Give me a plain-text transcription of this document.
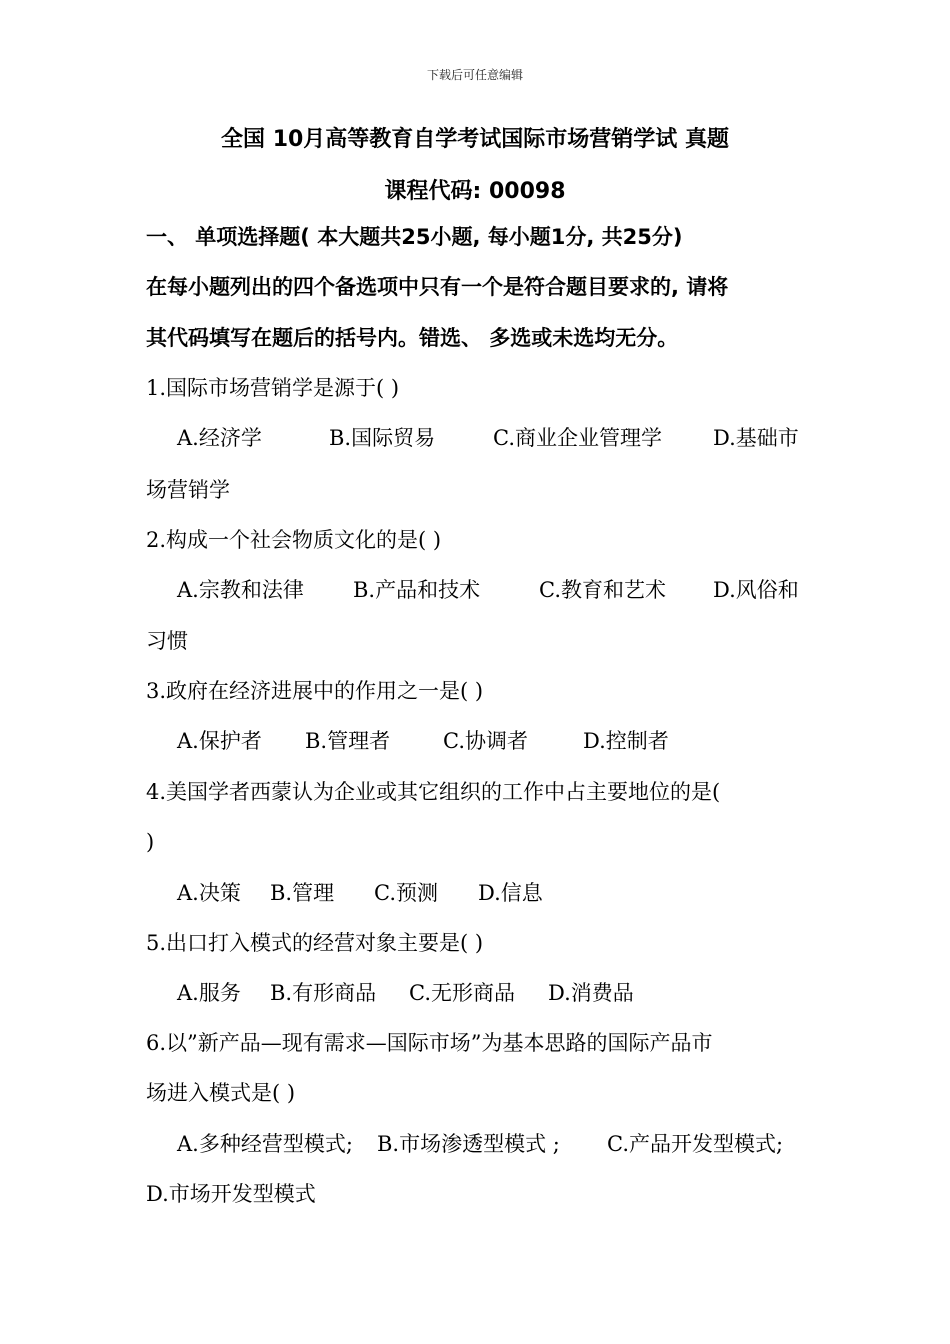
下载后可任意编辑
全国 10月高等教育自学考试国际市场营销学试 真题
课程代码: 00098
一、 单项选择题( 本大题共25小题, 每小题1分, 共25分)
在每小题列出的四个备选项中只有一个是符合题目要求的, 请将
其代码填写在题后的括号内。错选、 多选或未选均无分。
1.国际市场营销学是源于( )
A.经济学	B.国际贸易	C.商业企业管理学	D.基础市
场营销学
2.构成一个社会物质文化的是( )
A.宗教和法律	B.产品和技术	C.教育和艺术	D.风俗和
习惯
3.政府在经济进展中的作用之一是( )
A.保护者	B.管理者	C.协调者	D.控制者
4.美国学者西蒙认为企业或其它组织的工作中占主要地位的是(
)
A.决策	B.管理	C.预测	D.信息
5.出口打入模式的经营对象主要是( )
A.服务	B.有形商品	C.无形商品	D.消费品
6.以”新产品—现有需求—国际市场”为基本思路的国际产品市
场进入模式是( )
A.多种经营型模式;	B.市场渗透型模式 ;	C.产品开发型模式;
D.市场开发型模式
